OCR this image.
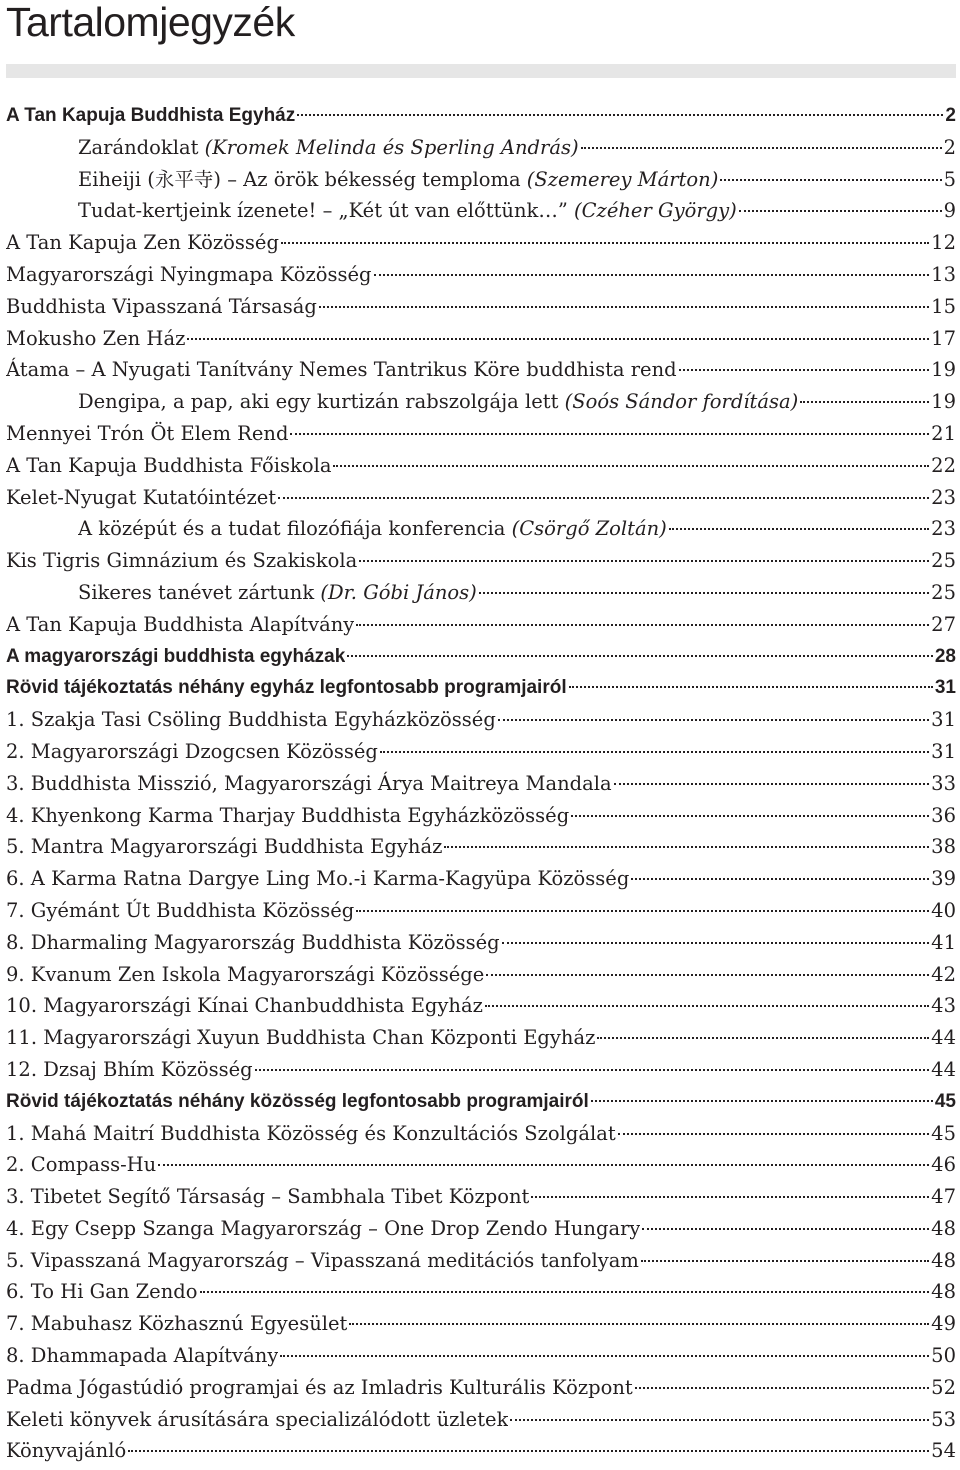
Tartalomjegyzék
A Tan Kapuja Buddhista Egyház	2
Zarándoklat (Kromek Melinda és Sperling András)	2
Eiheiji (永平寺) – Az örök békesség temploma (Szemerey Márton)	5
Tudat-kertjeink ízenete! – „Két út van előttünk…” (Czéher György)	9
A Tan Kapuja Zen Közösség	12
Magyarországi Nyingmapa Közösség	13
Buddhista Vipasszaná Társaság	15
Mokusho Zen Ház	17
Átama – A Nyugati Tanítvány Nemes Tantrikus Köre buddhista rend	19
Dengipa, a pap, aki egy kurtizán rabszolgája lett (Soós Sándor fordítása)	19
Mennyei Trón Öt Elem Rend	21
A Tan Kapuja Buddhista Főiskola	22
Kelet-Nyugat Kutatóintézet	23
A középút és a tudat filozófiája konferencia (Csörgő Zoltán)	23
Kis Tigris Gimnázium és Szakiskola	25
Sikeres tanévet zártunk (Dr. Góbi János)	25
A Tan Kapuja Buddhista Alapítvány	27
A magyarországi buddhista egyházak	28
Rövid tájékoztatás néhány egyház legfontosabb programjairól	31
1. Szakja Tasi Csöling Buddhista Egyházközösség	31
2. Magyarországi Dzogcsen Közösség	31
3. Buddhista Misszió, Magyarországi Árya Maitreya Mandala	33
4. Khyenkong Karma Tharjay Buddhista Egyházközösség	36
5. Mantra Magyarországi Buddhista Egyház	38
6. A Karma Ratna Dargye Ling Mo.-i Karma-Kagyüpa Közösség	39
7. Gyémánt Út Buddhista Közösség	40
8. Dharmaling Magyarország Buddhista Közösség	41
9. Kvanum Zen Iskola Magyarországi Közössége	42
10. Magyarországi Kínai Chanbuddhista Egyház	43
11. Magyarországi Xuyun Buddhista Chan Központi Egyház	44
12. Dzsaj Bhím Közösség	44
Rövid tájékoztatás néhány közösség legfontosabb programjairól	45
1. Mahá Maitrí Buddhista Közösség és Konzultációs Szolgálat	45
2. Compass-Hu	46
3. Tibetet Segítő Társaság – Sambhala Tibet Központ	47
4. Egy Csepp Szanga Magyarország – One Drop Zendo Hungary	48
5. Vipasszaná Magyarország – Vipasszaná meditációs tanfolyam	48
6. To Hi Gan Zendo	48
7. Mabuhasz Közhasznú Egyesület	49
8. Dhammapada Alapítvány	50
Padma Jógastúdió programjai és az Imladris Kulturális Központ	52
Keleti könyvek árusítására specializálódott üzletek	53
Könyvajánló	54
